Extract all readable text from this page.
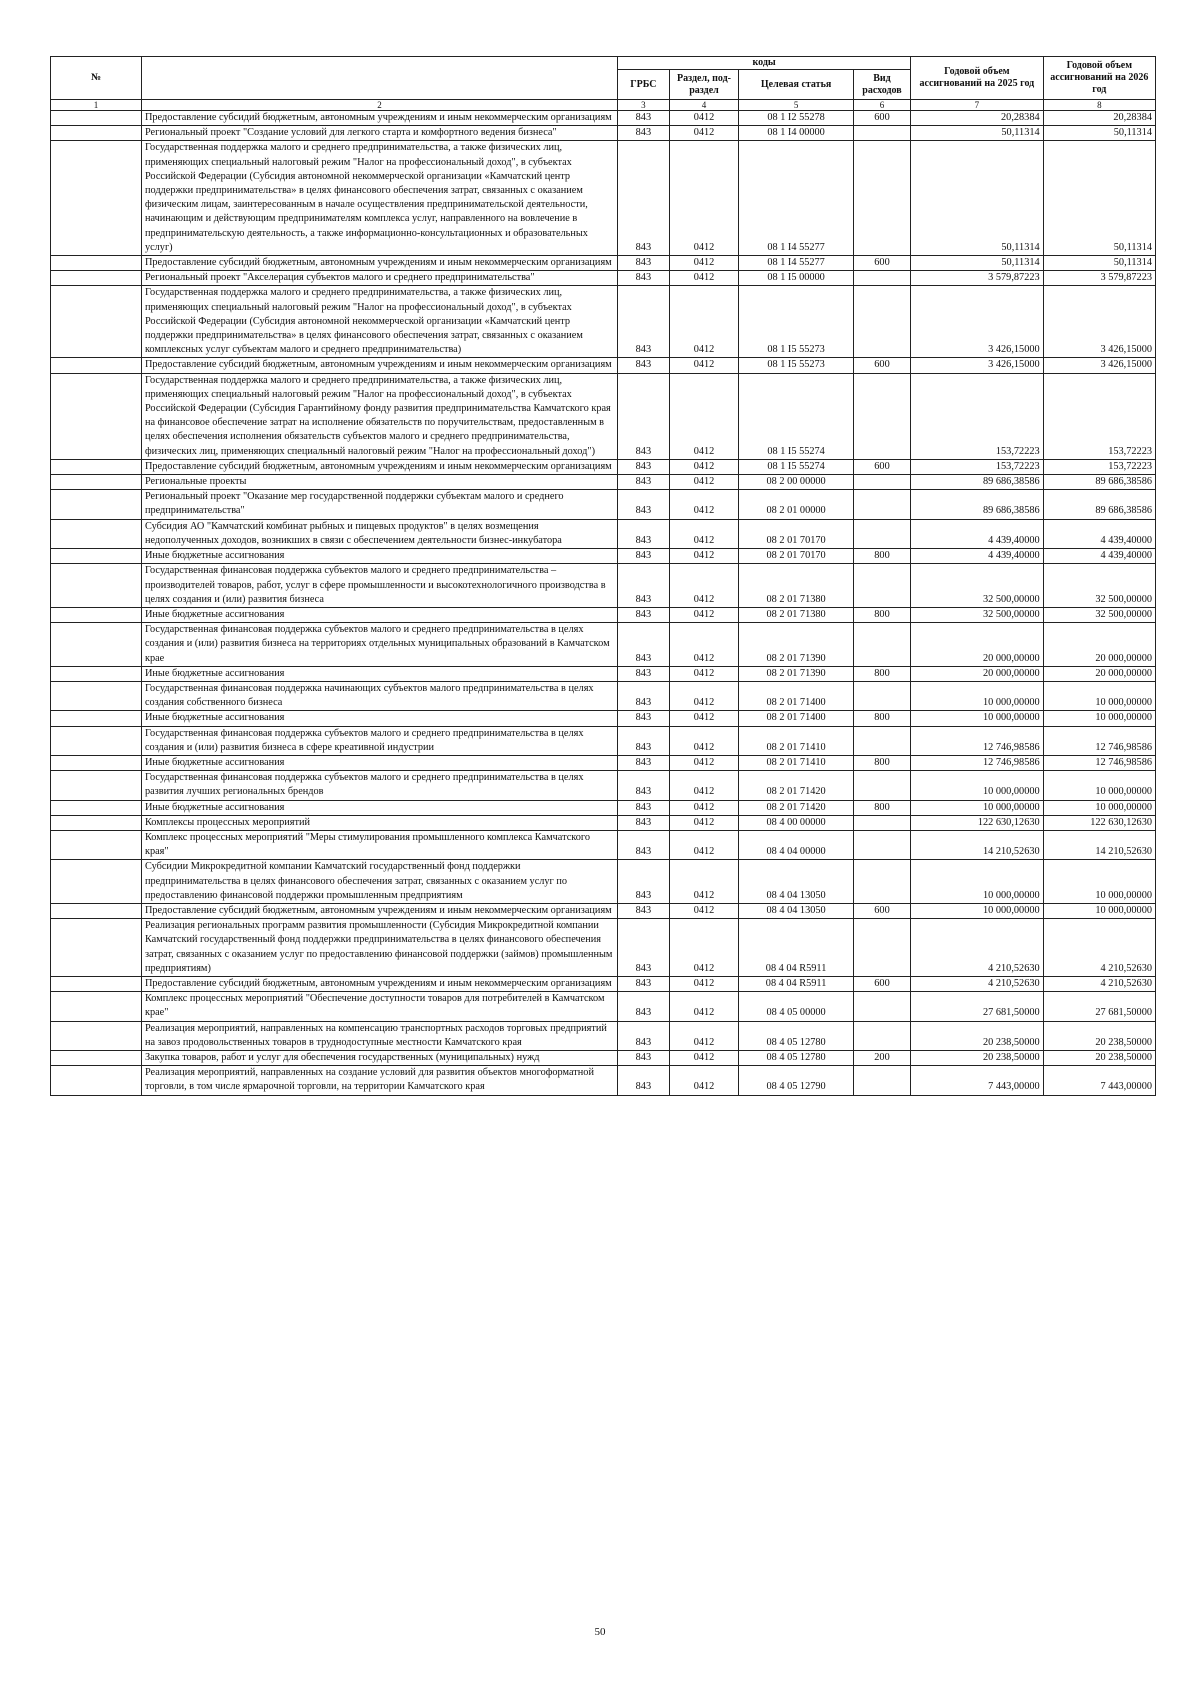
№		коды				Годовой объем ассигнований на 2025 год	Годовой объем ассигнований на 2026 год
		ГРБС	Раздел, под-раздел	Целевая статья	Вид расходов		
1	2	3	4	5	6	7	8
	Предоставление субсидий бюджетным, автономным учреждениям и иным некоммерческим организациям	843	0412	08 1 I2 55278	600	20,28384	20,28384
	Региональный проект "Создание условий для легкого старта и комфортного ведения бизнеса"	843	0412	08 1 I4 00000		50,11314	50,11314
	Государственная поддержка малого и среднего предпринимательства, а также физических лиц, применяющих специальный налоговый режим "Налог на профессиональный доход", в субъектах Российской Федерации (Субсидия автономной некоммерческой организации «Камчатский центр поддержки предпринимательства» в целях финансового обеспечения затрат, связанных с оказанием физическим лицам, заинтересованным в начале осуществления предпринимательской деятельности, начинающим и действующим предпринимателям комплекса услуг, направленного на вовлечение в предпринимательскую деятельность, а также информационно-консультационных и образовательных услуг)	843	0412	08 1 I4 55277		50,11314	50,11314
	Предоставление субсидий бюджетным, автономным учреждениям и иным некоммерческим организациям	843	0412	08 1 I4 55277	600	50,11314	50,11314
	Региональный проект "Акселерация субъектов малого и среднего предпринимательства"	843	0412	08 1 I5 00000		3 579,87223	3 579,87223
	Государственная поддержка малого и среднего предпринимательства, а также физических лиц, применяющих специальный налоговый режим "Налог на профессиональный доход", в субъектах Российской Федерации (Субсидия автономной некоммерческой организации «Камчатский центр поддержки предпринимательства» в целях финансового обеспечения затрат, связанных с оказанием комплексных услуг субъектам малого и среднего предпринимательства)	843	0412	08 1 I5 55273		3 426,15000	3 426,15000
	Предоставление субсидий бюджетным, автономным учреждениям и иным некоммерческим организациям	843	0412	08 1 I5 55273	600	3 426,15000	3 426,15000
	Государственная поддержка малого и среднего предпринимательства, а также физических лиц, применяющих специальный налоговый режим "Налог на профессиональный доход", в субъектах Российской Федерации (Субсидия Гарантийному фонду развития предпринимательства Камчатского края на финансовое обеспечение затрат на исполнение обязательств по поручительствам, предоставленным в целях обеспечения исполнения обязательств субъектов малого и среднего предпринимательства, физических лиц, применяющих специальный налоговый режим "Налог на профессиональный доход")	843	0412	08 1 I5 55274		153,72223	153,72223
	Предоставление субсидий бюджетным, автономным учреждениям и иным некоммерческим организациям	843	0412	08 1 I5 55274	600	153,72223	153,72223
	Региональные проекты	843	0412	08 2 00 00000		89 686,38586	89 686,38586
	Региональный проект "Оказание мер государственной поддержки субъектам малого и среднего предпринимательства"	843	0412	08 2 01 00000		89 686,38586	89 686,38586
	Субсидия АО "Камчатский комбинат рыбных и пищевых продуктов" в целях возмещения недополученных доходов, возникших в связи с обеспечением деятельности бизнес-инкубатора	843	0412	08 2 01 70170		4 439,40000	4 439,40000
	Иные бюджетные ассигнования	843	0412	08 2 01 70170	800	4 439,40000	4 439,40000
	Государственная финансовая поддержка субъектов малого и среднего предпринимательства – производителей товаров, работ, услуг в сфере промышленности и высокотехнологичного производства в целях создания и (или) развития бизнеса	843	0412	08 2 01 71380		32 500,00000	32 500,00000
	Иные бюджетные ассигнования	843	0412	08 2 01 71380	800	32 500,00000	32 500,00000
	Государственная финансовая поддержка субъектов малого и среднего предпринимательства в целях создания и (или) развития бизнеса на территориях отдельных муниципальных образований в Камчатском крае	843	0412	08 2 01 71390		20 000,00000	20 000,00000
	Иные бюджетные ассигнования	843	0412	08 2 01 71390	800	20 000,00000	20 000,00000
	Государственная финансовая поддержка начинающих субъектов малого предпринимательства в целях создания собственного бизнеса	843	0412	08 2 01 71400		10 000,00000	10 000,00000
	Иные бюджетные ассигнования	843	0412	08 2 01 71400	800	10 000,00000	10 000,00000
	Государственная финансовая поддержка субъектов малого и среднего предпринимательства в целях создания и (или) развития бизнеса в сфере креативной индустрии	843	0412	08 2 01 71410		12 746,98586	12 746,98586
	Иные бюджетные ассигнования	843	0412	08 2 01 71410	800	12 746,98586	12 746,98586
	Государственная финансовая поддержка субъектов малого и среднего предпринимательства в целях развития лучших региональных брендов	843	0412	08 2 01 71420		10 000,00000	10 000,00000
	Иные бюджетные ассигнования	843	0412	08 2 01 71420	800	10 000,00000	10 000,00000
	Комплексы процессных мероприятий	843	0412	08 4 00 00000		122 630,12630	122 630,12630
	Комплекс процессных мероприятий "Меры стимулирования промышленного комплекса Камчатского края"	843	0412	08 4 04 00000		14 210,52630	14 210,52630
	Субсидии Микрокредитной компании Камчатский государственный фонд поддержки предпринимательства в целях финансового обеспечения затрат, связанных с оказанием услуг по предоставлению финансовой поддержки промышленным предприятиям	843	0412	08 4 04 13050		10 000,00000	10 000,00000
	Предоставление субсидий бюджетным, автономным учреждениям и иным некоммерческим организациям	843	0412	08 4 04 13050	600	10 000,00000	10 000,00000
	Реализация региональных программ развития промышленности (Субсидия Микрокредитной компании Камчатский государственный фонд поддержки предпринимательства в целях финансового обеспечения затрат, связанных с оказанием услуг по предоставлению финансовой поддержки (займов) промышленным предприятиям)	843	0412	08 4 04 R5911		4 210,52630	4 210,52630
	Предоставление субсидий бюджетным, автономным учреждениям и иным некоммерческим организациям	843	0412	08 4 04 R5911	600	4 210,52630	4 210,52630
	Комплекс процессных мероприятий "Обеспечение доступности товаров для потребителей в Камчатском крае"	843	0412	08 4 05 00000		27 681,50000	27 681,50000
	Реализация мероприятий, направленных на компенсацию транспортных расходов торговых предприятий на завоз продовольственных товаров в труднодоступные местности Камчатского края	843	0412	08 4 05 12780		20 238,50000	20 238,50000
	Закупка товаров, работ и услуг для обеспечения государственных (муниципальных) нужд	843	0412	08 4 05 12780	200	20 238,50000	20 238,50000
	Реализация мероприятий, направленных на создание условий для развития объектов многоформатной торговли, в том числе ярмарочной торговли, на территории Камчатского края	843	0412	08 4 05 12790		7 443,00000	7 443,00000
50
